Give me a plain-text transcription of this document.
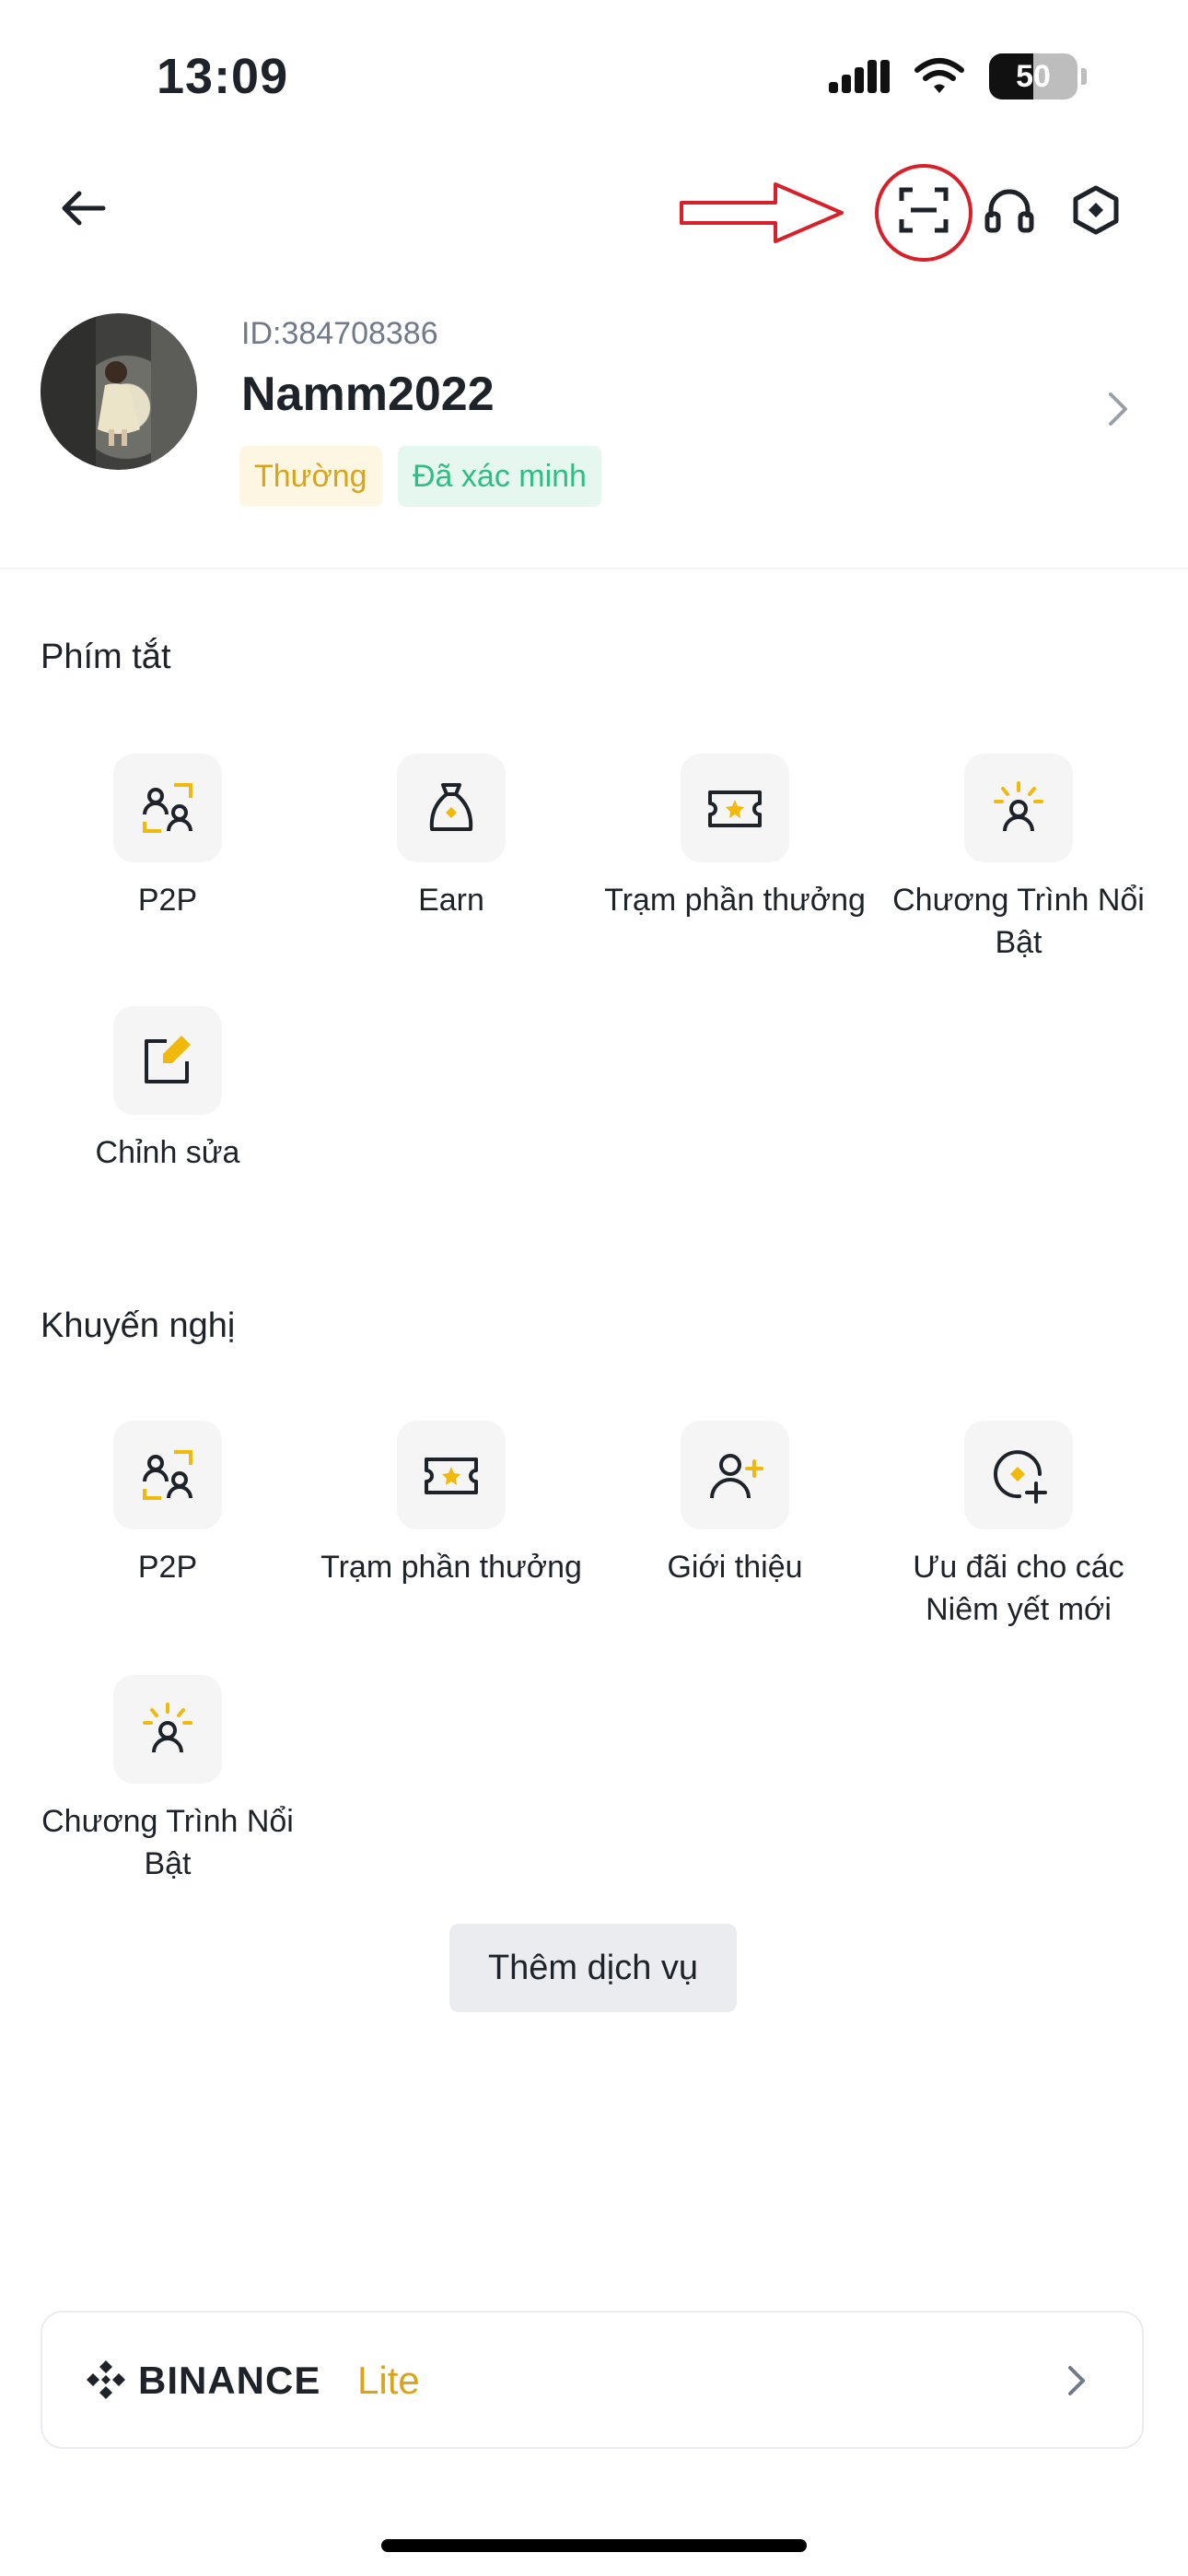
13:09	50
ID:384708386
Namm2022
Thường	Đã xác minh
Phím tắt
P2P	Earn	Trạm phần thưởng Chương Trình Nổi Bật
Chỉnh sửa
Khuyến nghị
P2P	Trạm phần thưởng	Giới thiệu	Ưu đãi cho các Niêm yết mới
Chương Trình Nổi Bật
Thêm dịch vụ
BINANCE Lite
